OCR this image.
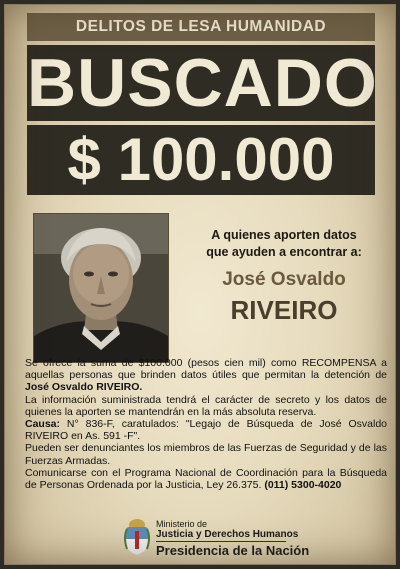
DELITOS DE LESA HUMANIDAD
BUSCADO
$ 100.000
A quienes aporten datos
que ayuden a encontrar a:
José Osvaldo
RIVEIRO

Se ofrece la suma de $100.000 (pesos cien mil) como RECOMPENSA a aquellas personas que brinden datos útiles que permitan la detención de José Osvaldo RIVEIRO.

La información suministrada tendrá el carácter de secreto y los datos de quienes la aporten se mantendrán en la más absoluta reserva.

Causa: N° 836-F, caratulados: "Legajo de Búsqueda de José Osvaldo RIVEIRO en As. 591 -F".

Pueden ser denunciantes los miembros de las Fuerzas de Seguridad y de las Fuerzas Armadas.

Comunicarse con el Programa Nacional de Coordinación para la Búsqueda de Personas Ordenada por la Justicia, Ley 26.375. (011) 5300-4020

Ministerio de
Justicia y Derechos Humanos
Presidencia de la Nación
